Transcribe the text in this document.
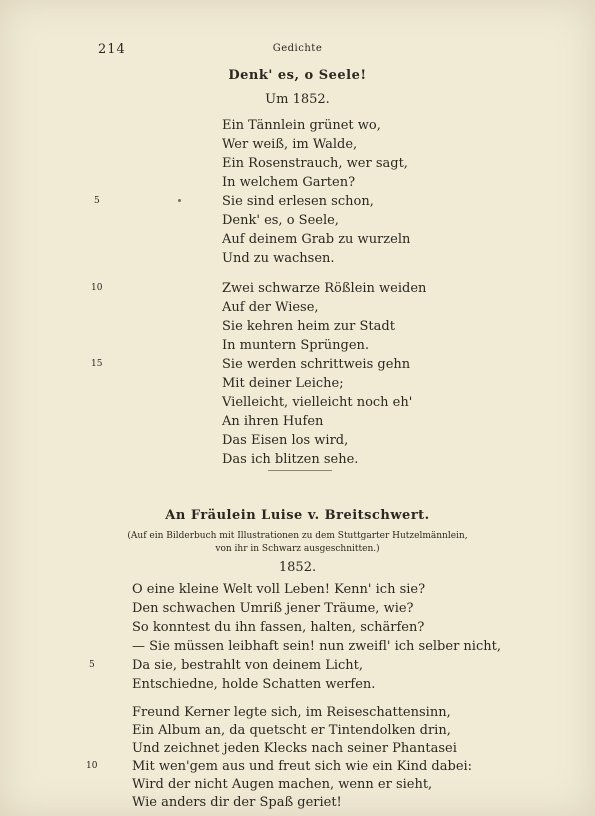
214	Gedichte
Denk' es, o Seele!
Um 1852.
Ein Tännlein grünet wo,
Wer weiß, im Walde,
Ein Rosenstrauch, wer sagt,
In welchem Garten?
Sie sind erlesen schon,
Denk' es, o Seele,
Auf deinem Grab zu wurzeln
Und zu wachsen.
Zwei schwarze Rößlein weiden
Auf der Wiese,
Sie kehren heim zur Stadt
In muntern Sprüngen.
Sie werden schrittweis gehn
Mit deiner Leiche;
Vielleicht, vielleicht noch eh'
An ihren Hufen
Das Eisen los wird,
Das ich blitzen sehe.
5
10
15
An Fräulein Luise v. Breitschwert.
(Auf ein Bilderbuch mit Illustrationen zu dem Stuttgarter Hutzelmännlein,
von ihr in Schwarz ausgeschnitten.)
1852.
O eine kleine Welt voll Leben! Kenn' ich sie?
Den schwachen Umriß jener Träume, wie?
So konntest du ihn fassen, halten, schärfen?
— Sie müssen leibhaft sein! nun zweifl' ich selber nicht,
Da sie, bestrahlt von deinem Licht,
Entschiedne, holde Schatten werfen.
Freund Kerner legte sich, im Reiseschattensinn,
Ein Album an, da quetscht er Tintendolken drin,
Und zeichnet jeden Klecks nach seiner Phantasei
Mit wen'gem aus und freut sich wie ein Kind dabei:
Wird der nicht Augen machen, wenn er sieht,
Wie anders dir der Spaß geriet!
5
10
